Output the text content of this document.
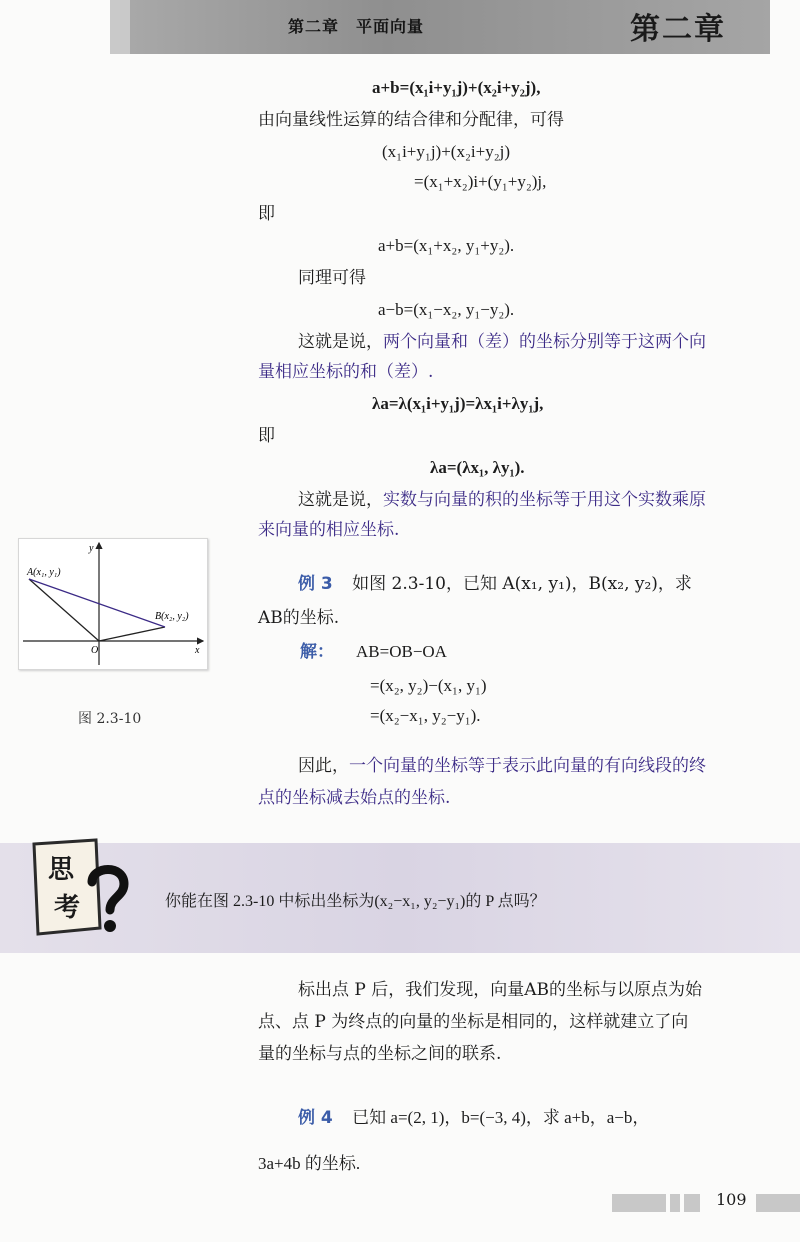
第二章　平面向量	第二章
a+b=(x₁i+y₁j)+(x₂i+y₂j),
由向量线性运算的结合律和分配律，可得
(x₁i+y₁j)+(x₂i+y₂j)
=(x₁+x₂)i+(y₁+y₂)j,
即
a+b=(x₁+x₂, y₁+y₂).
同理可得
a−b=(x₁−x₂, y₁−y₂).
这就是说，两个向量和（差）的坐标分别等于这两个向
量相应坐标的和（差）.
λa=λ(x₁i+y₁j)=λx₁i+λy₁j,
即
λa=(λx₁, λy₁).
这就是说，实数与向量的积的坐标等于用这个实数乘原
来向量的相应坐标.
A(x₁, y₁)
B(x₂, y₂)
O	x
y
图 2.3-10
例 3 如图 2.3-10，已知 A(x₁, y₁)，B(x₂, y₂)，求
AB的坐标.
解： AB=OB−OA
=(x₂, y₂)−(x₁, y₁)
=(x₂−x₁, y₂−y₁).
因此，一个向量的坐标等于表示此向量的有向线段的终
点的坐标减去始点的坐标.
思
考	你能在图 2.3-10 中标出坐标为(x₂−x₁, y₂−y₁)的 P 点吗？
标出点 P 后，我们发现，向量AB的坐标与以原点为始
点、点 P 为终点的向量的坐标是相同的，这样就建立了向
量的坐标与点的坐标之间的联系.
例 4 已知 a=(2, 1)，b=(−3, 4)，求 a+b，a−b，
3a+4b 的坐标.
109
